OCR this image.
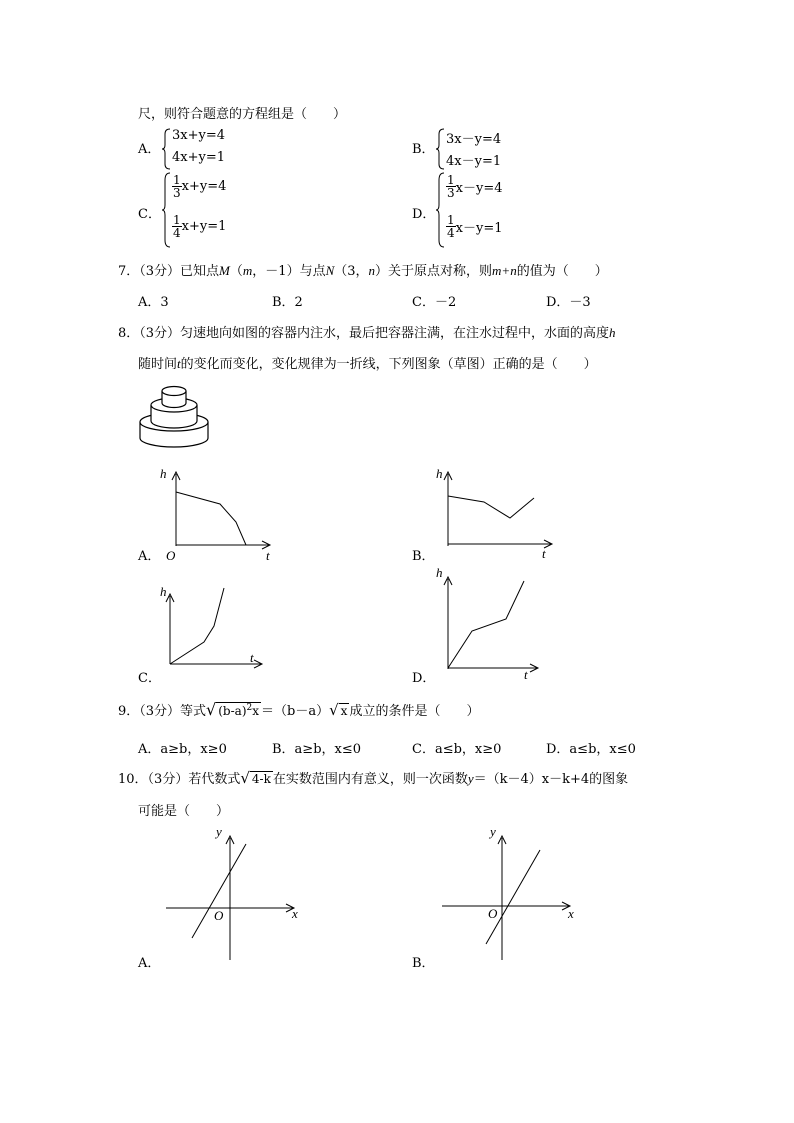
尺，则符合题意的方程组是（　　）
A．
3x+y=4
4x+y=1
B．
3x－y=4
4x－y=1
C．
$\frac{1}{3} x+y=4$
$\frac{1}{4} x+y=1$
D．
$\frac{1}{3} x-y=4$
$\frac{1}{4} x-y=1$
7．（3分）已知点M（m，－1）与点N（3，n）关于原点对称，则m+n的值为（　　）
A．3	B．2	C．－2	D．－3
8．（3分）匀速地向如图的容器内注水，最后把容器注满，在注水过程中，水面的高度h
随时间t的变化而变化，变化规律为一折线，下列图象（草图）正确的是（　　）
h
t
O
A．
h
t
B．
h
t
C．
h
t
D．
9．（3分）等式√ $(b-a)^2x =(b-a)√$ x 成立的条件是（　　）
A．a≥b，x≥0	B．a≥b，x≤0	C．a≤b，x≥0	D．a≤b，x≤0
10．（3分）若代数式√ 4-k 在实数范围内有意义，则一次函数y＝（k－4）x－k+4的图象
可能是（　　）
y
x
O
A．
y
x
O
B．
